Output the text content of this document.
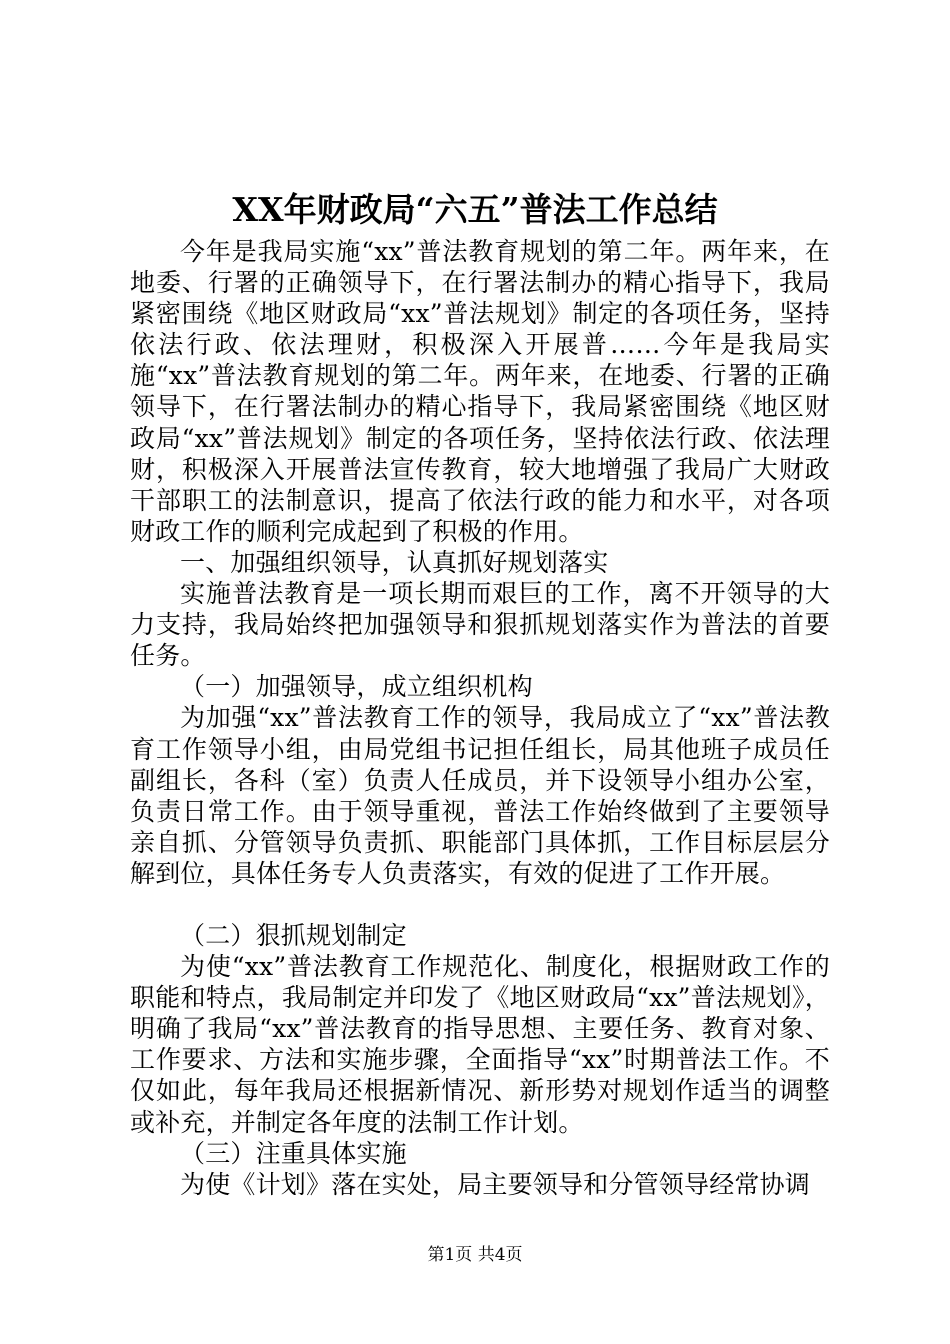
XX年财政局“六五”普法工作总结

今年是我局实施“xx”普法教育规划的第二年。两年来，在地委、行署的正确领导下，在行署法制办的精心指导下，我局紧密围绕《地区财政局“xx”普法规划》制定的各项任务，坚持依法行政、依法理财，积极深入开展普……今年是我局实施“xx”普法教育规划的第二年。两年来，在地委、行署的正确领导下，在行署法制办的精心指导下，我局紧密围绕《地区财政局“xx”普法规划》制定的各项任务，坚持依法行政、依法理财，积极深入开展普法宣传教育，较大地增强了我局广大财政干部职工的法制意识，提高了依法行政的能力和水平，对各项财政工作的顺利完成起到了积极的作用。

一、加强组织领导，认真抓好规划落实

实施普法教育是一项长期而艰巨的工作，离不开领导的大力支持，我局始终把加强领导和狠抓规划落实作为普法的首要任务。

（一）加强领导，成立组织机构

为加强“xx”普法教育工作的领导，我局成立了“xx”普法教育工作领导小组，由局党组书记担任组长，局其他班子成员任副组长，各科（室）负责人任成员，并下设领导小组办公室，负责日常工作。由于领导重视，普法工作始终做到了主要领导亲自抓、分管领导负责抓、职能部门具体抓，工作目标层层分解到位，具体任务专人负责落实，有效的促进了工作开展。

（二）狠抓规划制定

为使“xx”普法教育工作规范化、制度化，根据财政工作的职能和特点，我局制定并印发了《地区财政局“xx”普法规划》，明确了我局“xx”普法教育的指导思想、主要任务、教育对象、工作要求、方法和实施步骤，全面指导“xx”时期普法工作。不仅如此，每年我局还根据新情况、新形势对规划作适当的调整或补充，并制定各年度的法制工作计划。

（三）注重具体实施

为使《计划》落在实处，局主要领导和分管领导经常协调

第1页 共4页
